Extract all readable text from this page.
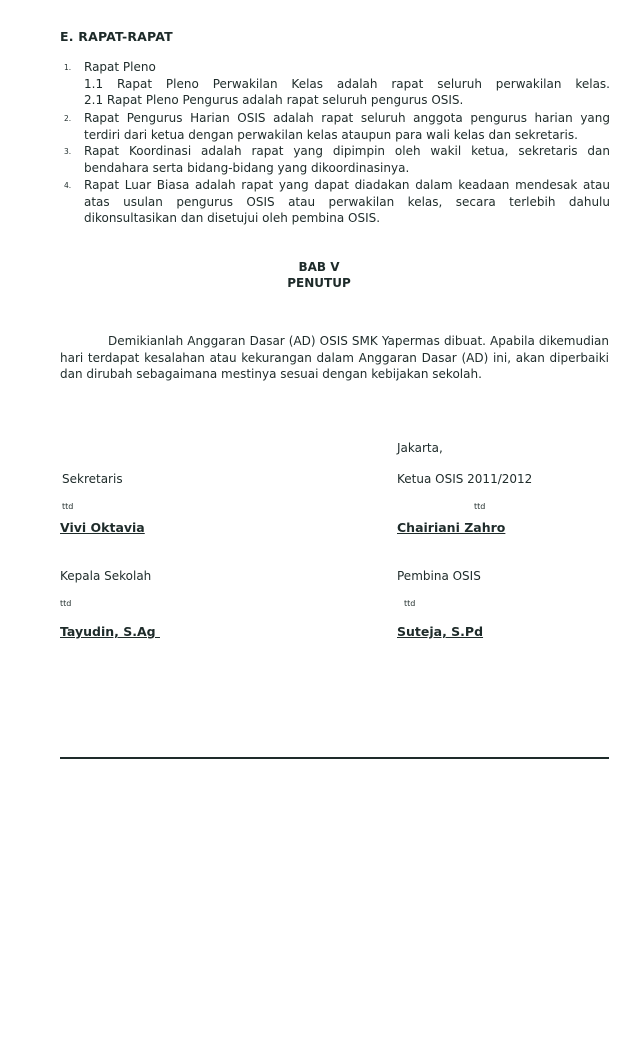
E. RAPAT-RAPAT
1. Rapat Pleno
1.1 Rapat Pleno Perwakilan Kelas adalah rapat seluruh perwakilan kelas.
2.1 Rapat Pleno Pengurus adalah rapat seluruh pengurus OSIS.
2. Rapat Pengurus Harian OSIS adalah rapat seluruh anggota pengurus harian yang terdiri dari ketua dengan perwakilan kelas ataupun para wali kelas dan sekretaris.
3. Rapat Koordinasi adalah rapat yang dipimpin oleh wakil ketua, sekretaris dan bendahara serta bidang-bidang yang dikoordinasinya.
4. Rapat Luar Biasa adalah rapat yang dapat diadakan dalam keadaan mendesak atau atas usulan pengurus OSIS atau perwakilan kelas, secara terlebih dahulu dikonsultasikan dan disetujui oleh pembina OSIS.
BAB V
PENUTUP
Demikianlah Anggaran Dasar (AD) OSIS SMK Yapermas dibuat. Apabila dikemudian hari terdapat kesalahan atau kekurangan dalam Anggaran Dasar (AD) ini, akan diperbaiki dan dirubah sebagaimana mestinya sesuai dengan kebijakan sekolah.
Jakarta,
Sekretaris
ttd
Vivi Oktavia
Ketua OSIS 2011/2012
ttd
Chairiani Zahro
Kepala Sekolah
ttd
Tayudin, S.Ag
Pembina OSIS
ttd
Suteja, S.Pd
